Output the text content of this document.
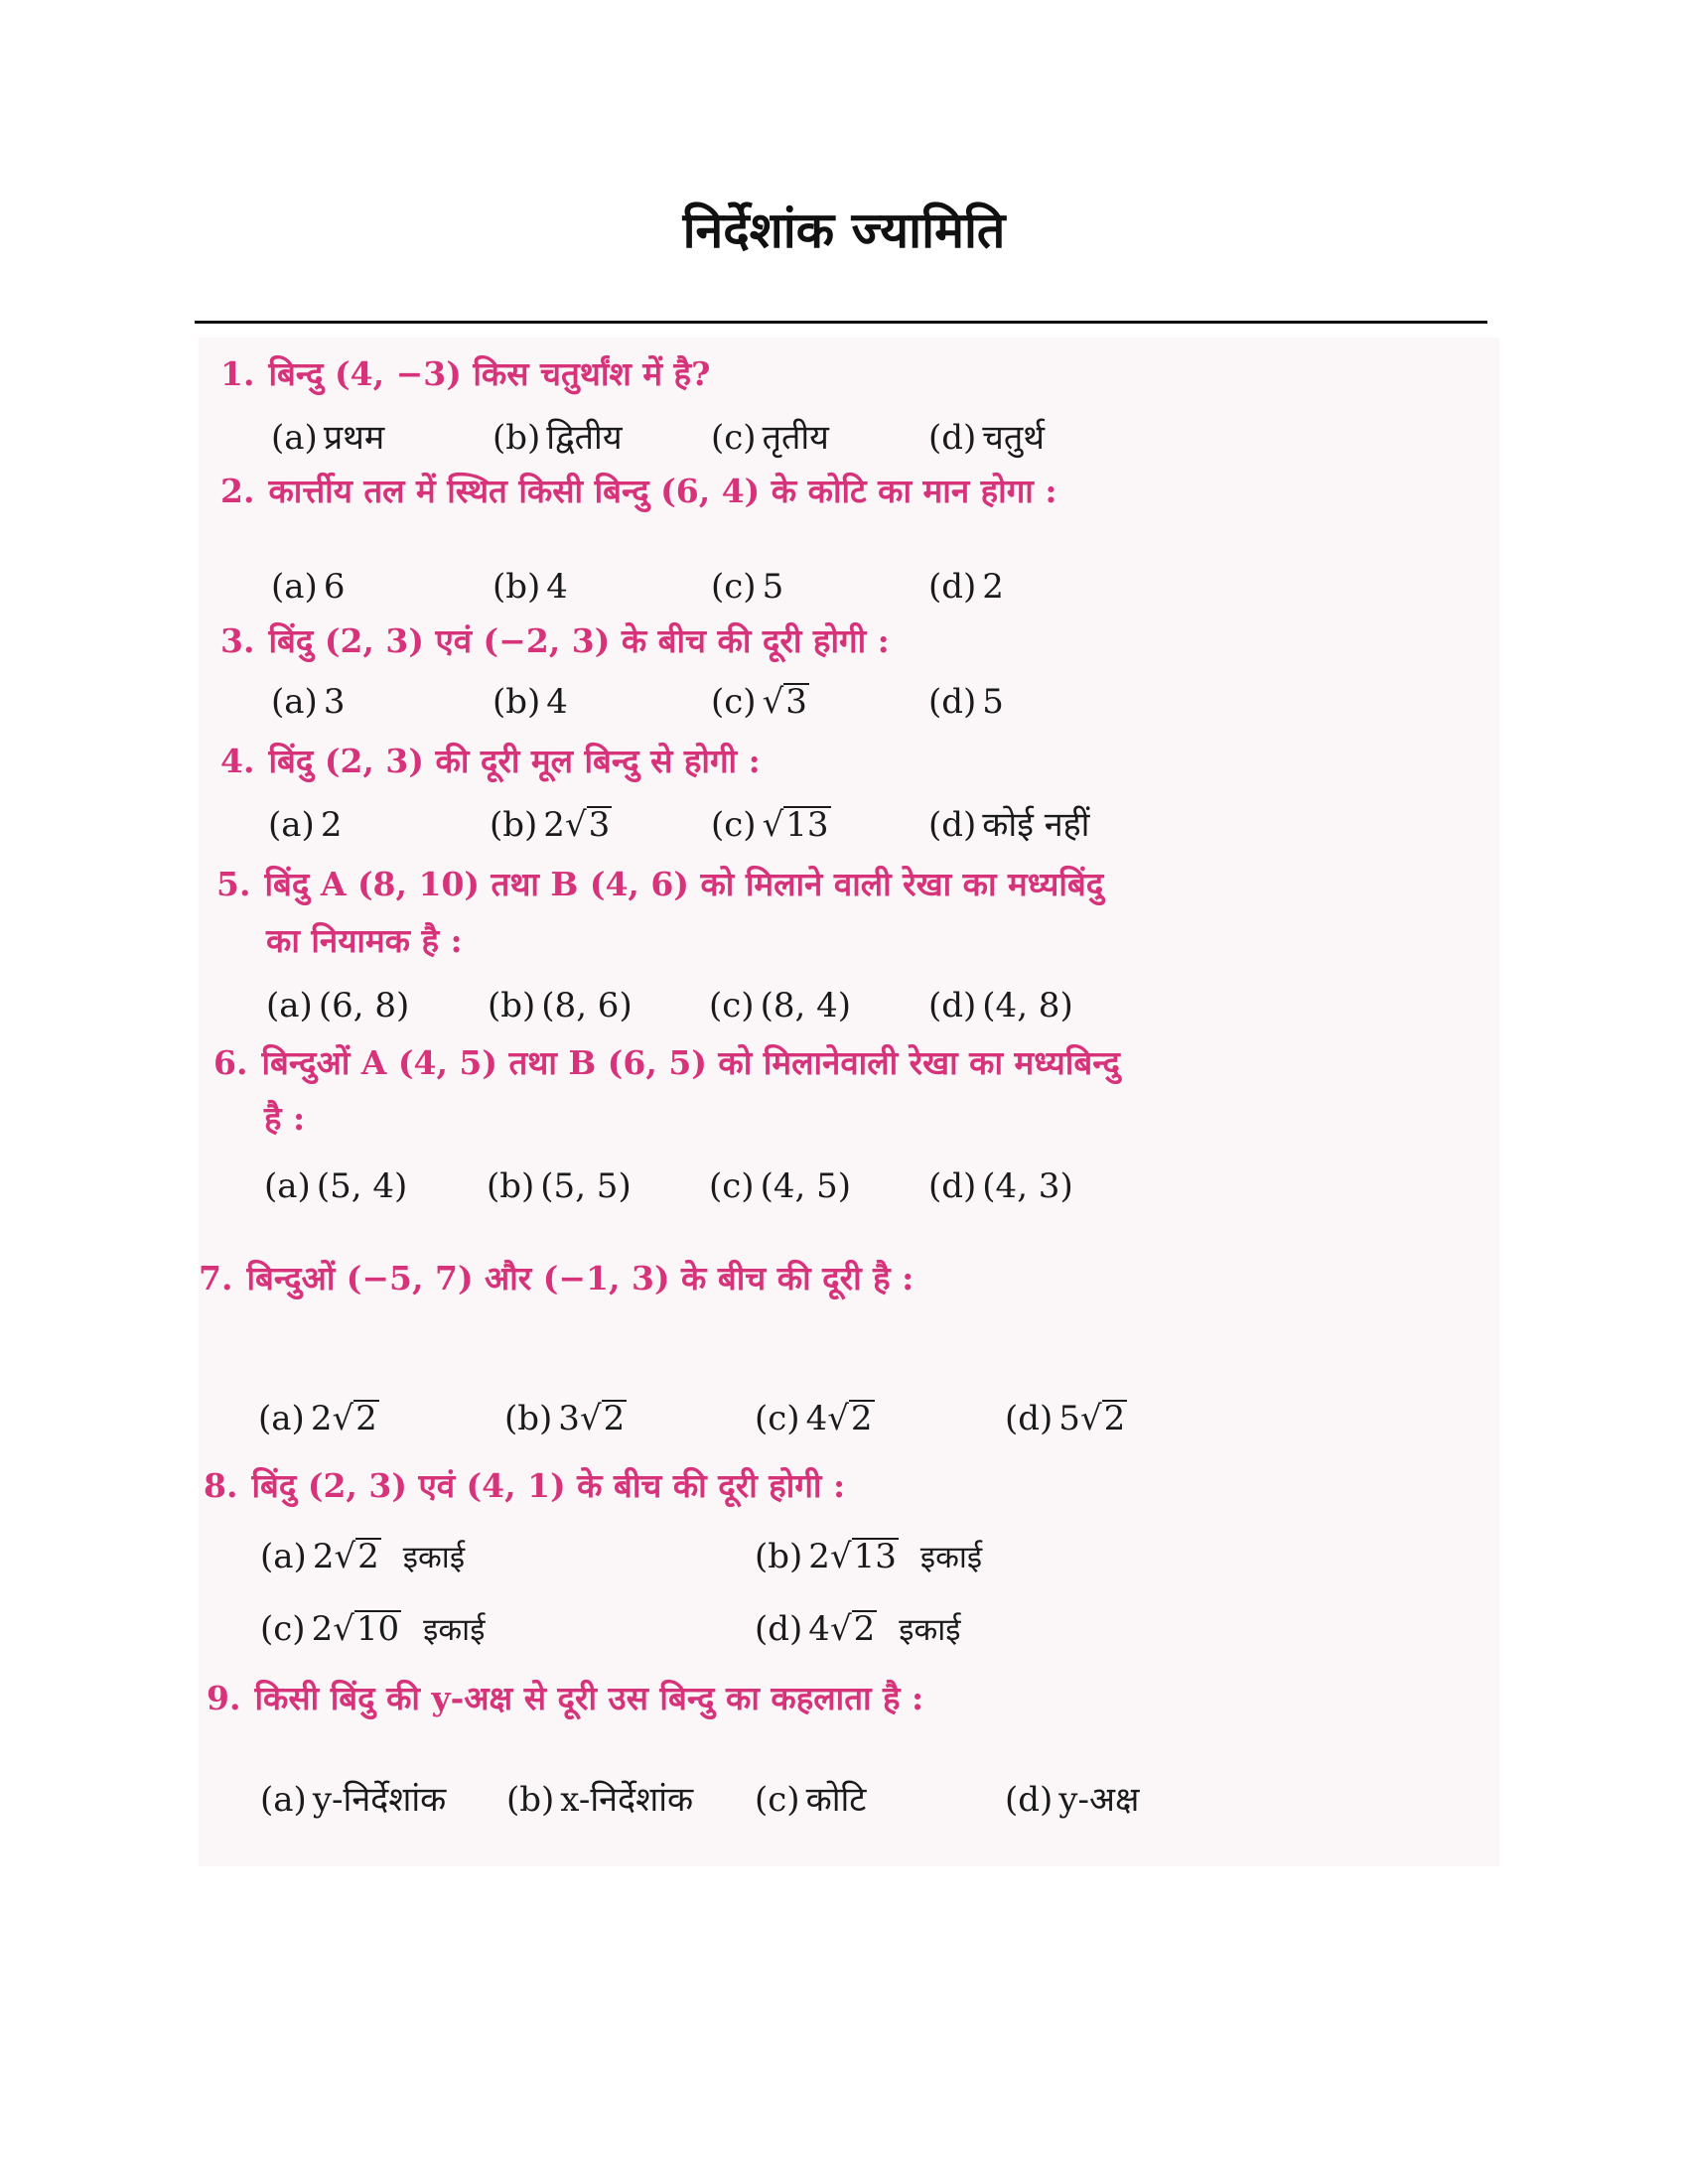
निर्देशांक ज्यामिति
1. बिन्दु (4, −3) किस चतुर्थांश में है?
(a) प्रथम	(b) द्वितीय	(c) तृतीय	(d) चतुर्थ
2. कार्त्तीय तल में स्थित किसी बिन्दु (6, 4) के कोटि का मान होगा :
(a) 6	(b) 4	(c) 5	(d) 2
3. बिंदु (2, 3) एवं (−2, 3) के बीच की दूरी होगी :
(a) 3	(b) 4	(c) √3	(d) 5
4. बिंदु (2, 3) की दूरी मूल बिन्दु से होगी :
(a) 2	(b) 2√3	(c) √13	(d) कोई नहीं
5. बिंदु A (8, 10) तथा B (4, 6) को मिलाने वाली रेखा का मध्यबिंदु
का नियामक है :
(a) (6, 8) (b) (8, 6) (c) (8, 4) (d) (4, 8)
6. बिन्दुओं A (4, 5) तथा B (6, 5) को मिलानेवाली रेखा का मध्यबिन्दु
है :
(a) (5, 4) (b) (5, 5) (c) (4, 5) (d) (4, 3)
7. बिन्दुओं (−5, 7) और (−1, 3) के बीच की दूरी है :
(a) 2√2	(b) 3√2	(c) 4√2	(d) 5√2
8. बिंदु (2, 3) एवं (4, 1) के बीच की दूरी होगी :
(a) 2√2 इकाई	(b) 2√13 इकाई
(c) 2√10 इकाई	(d) 4√2 इकाई
9. किसी बिंदु की y-अक्ष से दूरी उस बिन्दु का कहलाता है :
(a) y-निर्देशांक (b) x-निर्देशांक (c) कोटि	(d) y-अक्ष
